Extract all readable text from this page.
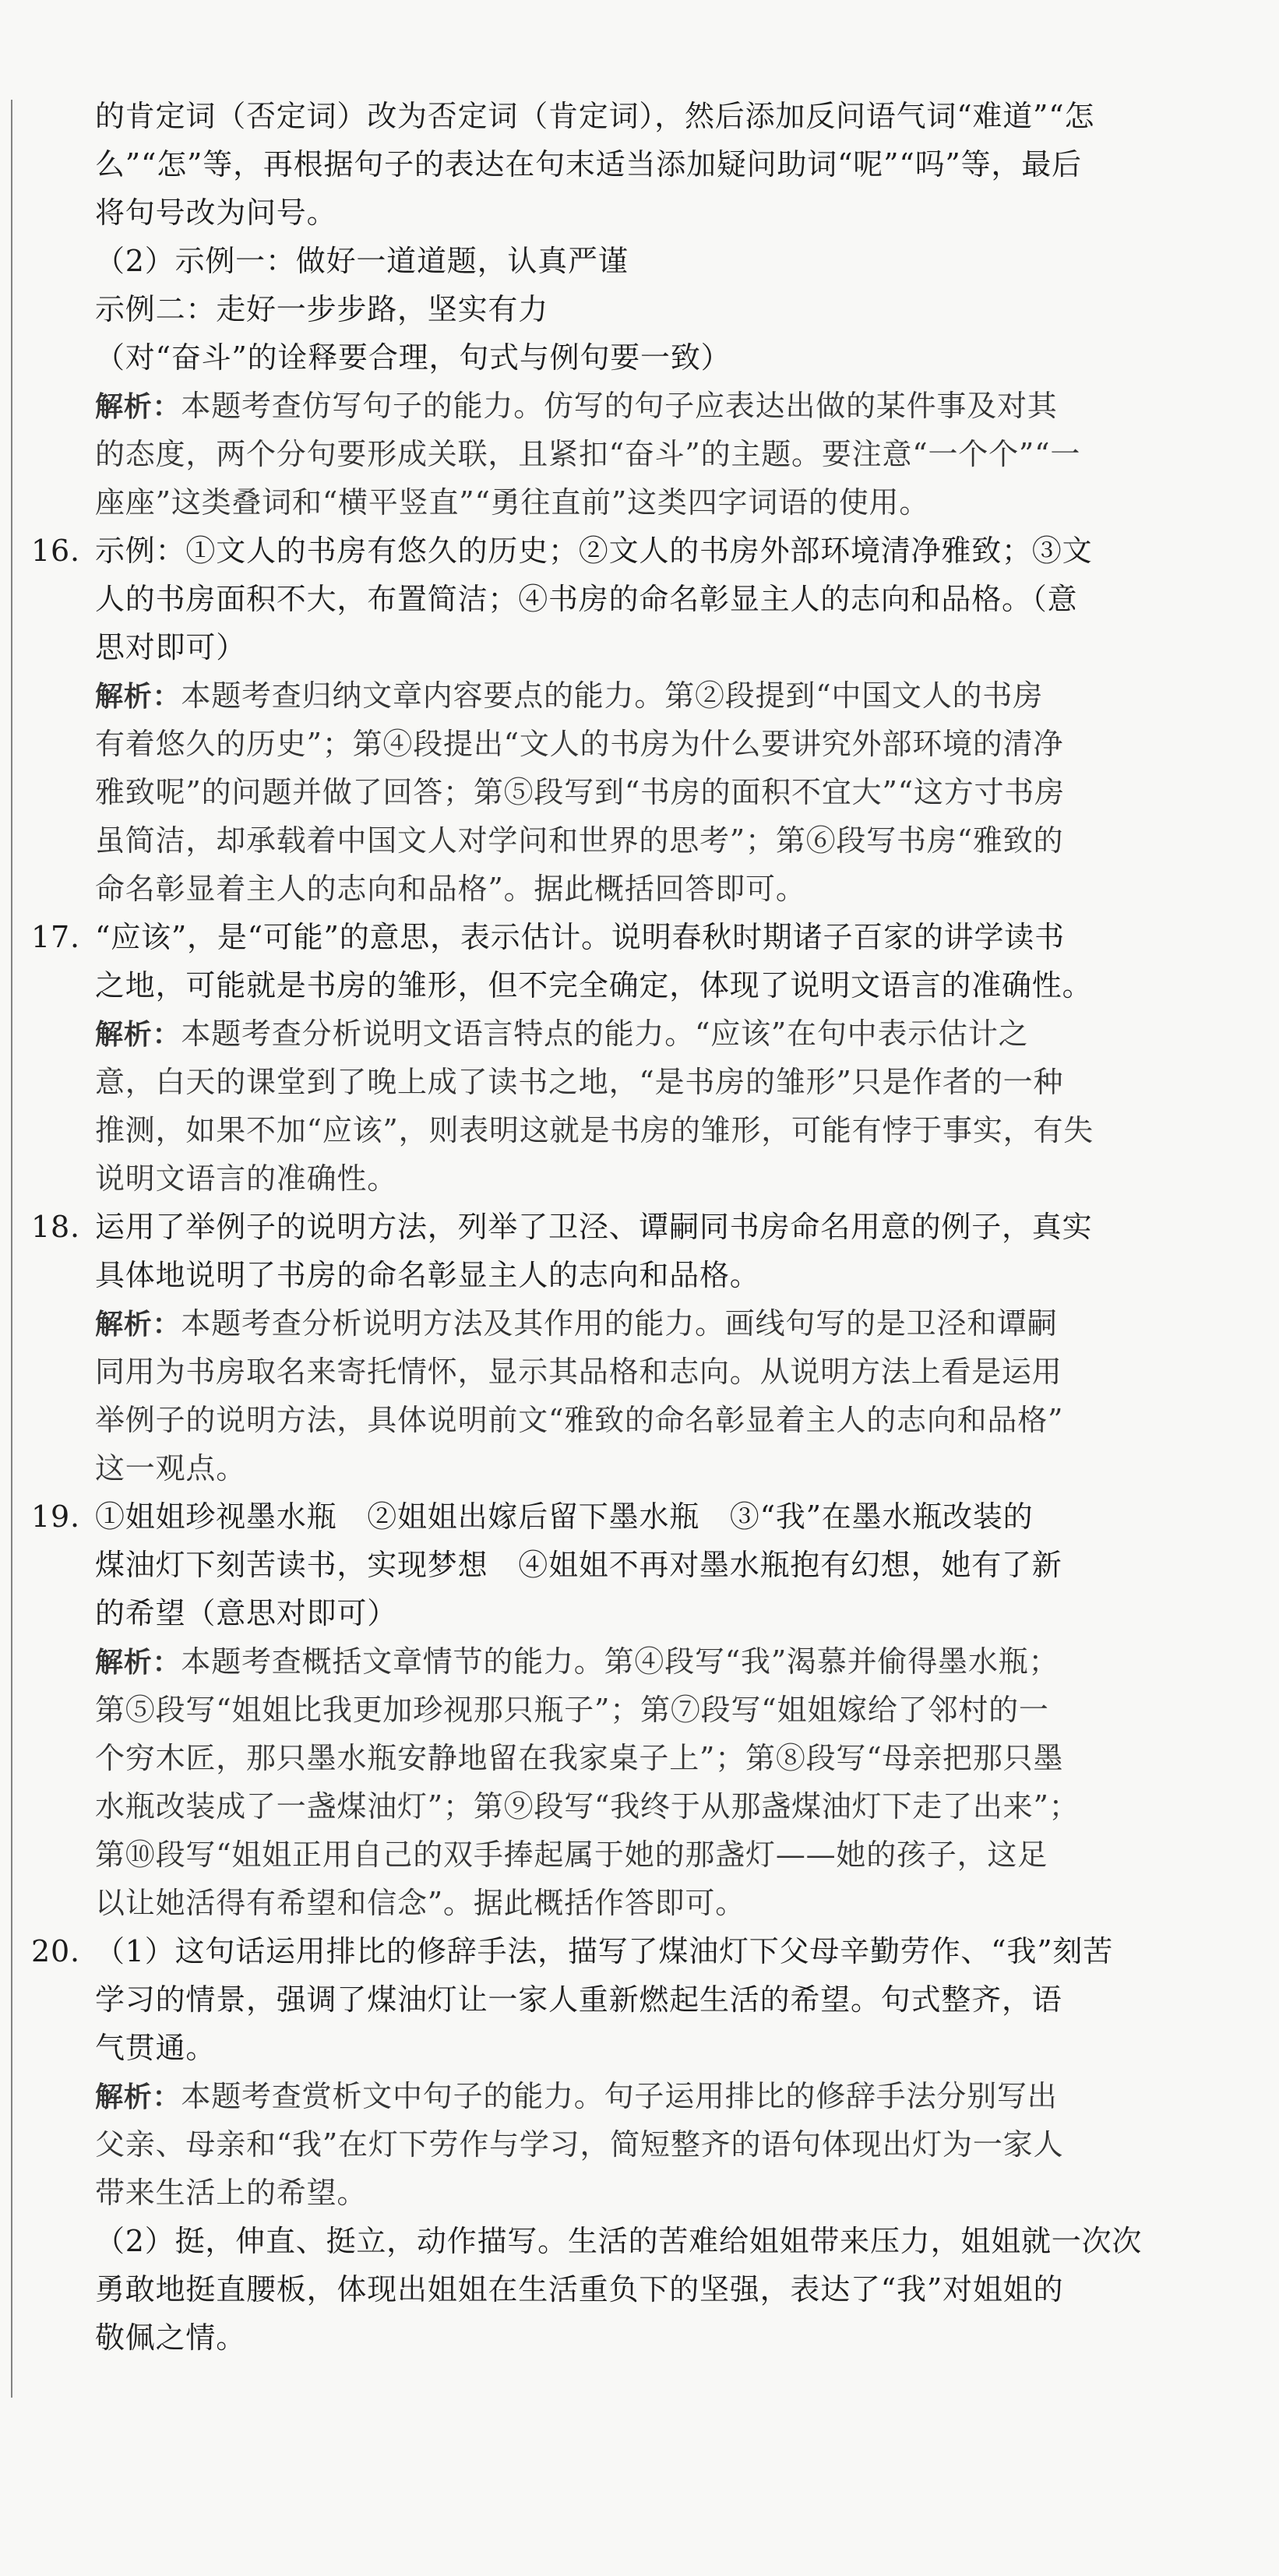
的肯定词（否定词）改为否定词（肯定词），然后添加反问语气词“难道”“怎
么”“怎”等，再根据句子的表达在句末适当添加疑问助词“呢”“吗”等，最后
将句号改为问号。
（2）示例一：做好一道道题，认真严谨
示例二：走好一步步路，坚实有力
（对“奋斗”的诠释要合理，句式与例句要一致）
解析：本题考查仿写句子的能力。仿写的句子应表达出做的某件事及对其
的态度，两个分句要形成关联，且紧扣“奋斗”的主题。要注意“一个个”“一
座座”这类叠词和“横平竖直”“勇往直前”这类四字词语的使用。
16. 示例：①文人的书房有悠久的历史；②文人的书房外部环境清净雅致；③文
人的书房面积不大，布置简洁；④书房的命名彰显主人的志向和品格。（意
思对即可）
解析：本题考查归纳文章内容要点的能力。第②段提到“中国文人的书房
有着悠久的历史”；第④段提出“文人的书房为什么要讲究外部环境的清净
雅致呢”的问题并做了回答；第⑤段写到“书房的面积不宜大”“这方寸书房
虽简洁，却承载着中国文人对学问和世界的思考”；第⑥段写书房“雅致的
命名彰显着主人的志向和品格”。据此概括回答即可。
17. “应该”，是“可能”的意思，表示估计。说明春秋时期诸子百家的讲学读书
之地，可能就是书房的雏形，但不完全确定，体现了说明文语言的准确性。
解析：本题考查分析说明文语言特点的能力。“应该”在句中表示估计之
意，白天的课堂到了晚上成了读书之地，“是书房的雏形”只是作者的一种
推测，如果不加“应该”，则表明这就是书房的雏形，可能有悖于事实，有失
说明文语言的准确性。
18. 运用了举例子的说明方法，列举了卫泾、谭嗣同书房命名用意的例子，真实
具体地说明了书房的命名彰显主人的志向和品格。
解析：本题考查分析说明方法及其作用的能力。画线句写的是卫泾和谭嗣
同用为书房取名来寄托情怀，显示其品格和志向。从说明方法上看是运用
举例子的说明方法，具体说明前文“雅致的命名彰显着主人的志向和品格”
这一观点。
19. ①姐姐珍视墨水瓶　②姐姐出嫁后留下墨水瓶　③“我”在墨水瓶改装的
煤油灯下刻苦读书，实现梦想　④姐姐不再对墨水瓶抱有幻想，她有了新
的希望（意思对即可）
解析：本题考查概括文章情节的能力。第④段写“我”渴慕并偷得墨水瓶；
第⑤段写“姐姐比我更加珍视那只瓶子”；第⑦段写“姐姐嫁给了邻村的一
个穷木匠，那只墨水瓶安静地留在我家桌子上”；第⑧段写“母亲把那只墨
水瓶改装成了一盏煤油灯”；第⑨段写“我终于从那盏煤油灯下走了出来”；
第⑩段写“姐姐正用自己的双手捧起属于她的那盏灯——她的孩子，这足
以让她活得有希望和信念”。据此概括作答即可。
20. （1）这句话运用排比的修辞手法，描写了煤油灯下父母辛勤劳作、“我”刻苦
学习的情景，强调了煤油灯让一家人重新燃起生活的希望。句式整齐，语
气贯通。
解析：本题考查赏析文中句子的能力。句子运用排比的修辞手法分别写出
父亲、母亲和“我”在灯下劳作与学习，简短整齐的语句体现出灯为一家人
带来生活上的希望。
（2）挺，伸直、挺立，动作描写。生活的苦难给姐姐带来压力，姐姐就一次次
勇敢地挺直腰板，体现出姐姐在生活重负下的坚强，表达了“我”对姐姐的
敬佩之情。
